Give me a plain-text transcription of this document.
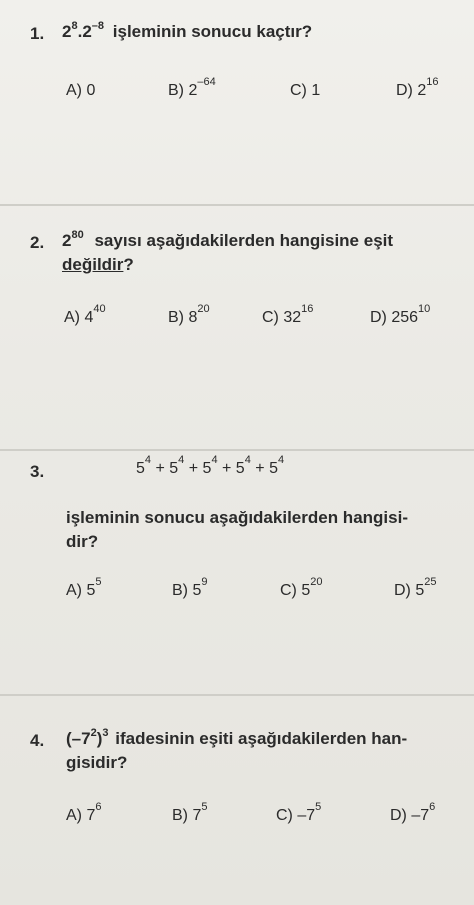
1. $2^8.2^{-8}$ işleminin sonucu kaçtır?
A) 0	B) $2^{-64}$	C) 1	D) $2^{16}$
2. $2^{80}$ sayısı aşağıdakilerden hangisine eşit
değildir?
A) $4^{40}$	B) $8^{20}$	C) $32^{16}$	D) $256^{10}$
3.	$5^4 + 5^4 + 5^4 + 5^4 + 5^4$
işleminin sonucu aşağıdakilerden hangisi-
dir?
A) $5^5$	B) $5^9$	C) $5^{20}$	D) $5^{25}$
4. $(-7^2)^3$ ifadesinin eşiti aşağıdakilerden han-
gisidir?
A) $7^6$	B) $7^5$	C) $-7^5$	D) $-7^6$
